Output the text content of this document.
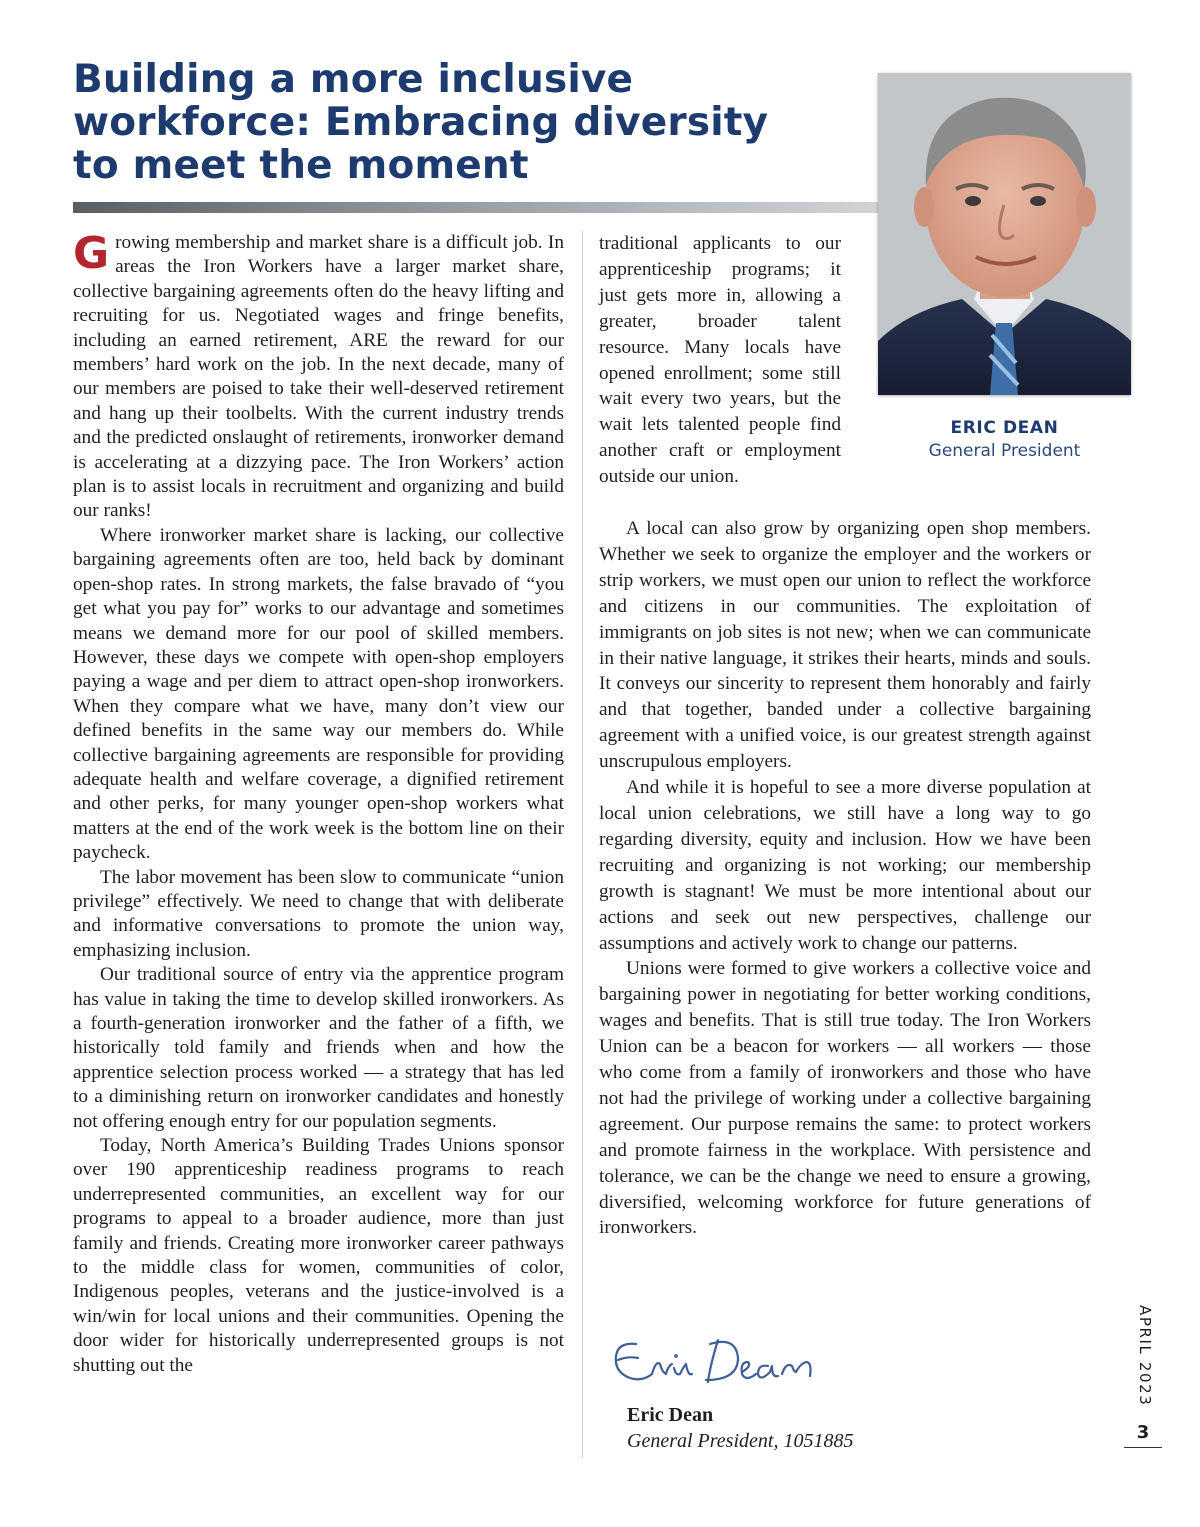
Building a more inclusive workforce: Embracing diversity to meet the moment
ERIC DEAN
General President

Growing membership and market share is a difficult job. In areas the Iron Workers have a larger market share, collective bargaining agreements often do the heavy lifting and recruiting for us. Negotiated wages and fringe benefits, including an earned retirement, ARE the reward for our members’ hard work on the job. In the next decade, many of our members are poised to take their well-deserved retirement and hang up their toolbelts. With the current industry trends and the predicted onslaught of retirements, ironworker demand is accelerating at a dizzying pace. The Iron Workers’ action plan is to assist locals in recruitment and organizing and build our ranks!

Where ironworker market share is lacking, our collective bargaining agreements often are too, held back by dominant open-shop rates. In strong markets, the false bravado of “you get what you pay for” works to our advantage and sometimes means we demand more for our pool of skilled members. However, these days we compete with open-shop employers paying a wage and per diem to attract open-shop ironworkers. When they compare what we have, many don’t view our defined benefits in the same way our members do. While collective bargaining agreements are responsible for providing adequate health and welfare coverage, a dignified retirement and other perks, for many younger open-shop workers what matters at the end of the work week is the bottom line on their paycheck.

The labor movement has been slow to communicate “union privilege” effectively. We need to change that with deliberate and informative conversations to promote the union way, emphasizing inclusion.

Our traditional source of entry via the apprentice program has value in taking the time to develop skilled ironworkers. As a fourth-generation ironworker and the father of a fifth, we historically told family and friends when and how the apprentice selection process worked — a strategy that has led to a diminishing return on ironworker candidates and honestly not offering enough entry for our population segments.

Today, North America’s Building Trades Unions sponsor over 190 apprenticeship readiness programs to reach underrepresented communities, an excellent way for our programs to appeal to a broader audience, more than just family and friends. Creating more ironworker career pathways to the middle class for women, communities of color, Indigenous peoples, veterans and the justice-involved is a win/win for local unions and their communities. Opening the door wider for historically underrepresented groups is not shutting out the

traditional applicants to our apprenticeship programs; it just gets more in, allowing a greater, broader talent resource. Many locals have opened enrollment; some still wait every two years, but the wait lets talented people find another craft or employment outside our union.

A local can also grow by organizing open shop members. Whether we seek to organize the employer and the workers or strip workers, we must open our union to reflect the workforce and citizens in our communities. The exploitation of immigrants on job sites is not new; when we can communicate in their native language, it strikes their hearts, minds and souls. It conveys our sincerity to represent them honorably and fairly and that together, banded under a collective bargaining agreement with a unified voice, is our greatest strength against unscrupulous employers.

And while it is hopeful to see a more diverse population at local union celebrations, we still have a long way to go regarding diversity, equity and inclusion. How we have been recruiting and organizing is not working; our membership growth is stagnant! We must be more intentional about our actions and seek out new perspectives, challenge our assumptions and actively work to change our patterns.

Unions were formed to give workers a collective voice and bargaining power in negotiating for better working conditions, wages and benefits. That is still true today. The Iron Workers Union can be a beacon for workers — all workers — those who come from a family of ironworkers and those who have not had the privilege of working under a collective bargaining agreement. Our purpose remains the same: to protect workers and promote fairness in the workplace. With persistence and tolerance, we can be the change we need to ensure a growing, diversified, welcoming workforce for future generations of ironworkers.

Eric Dean
General President, 1051885
APRIL 2023
3
